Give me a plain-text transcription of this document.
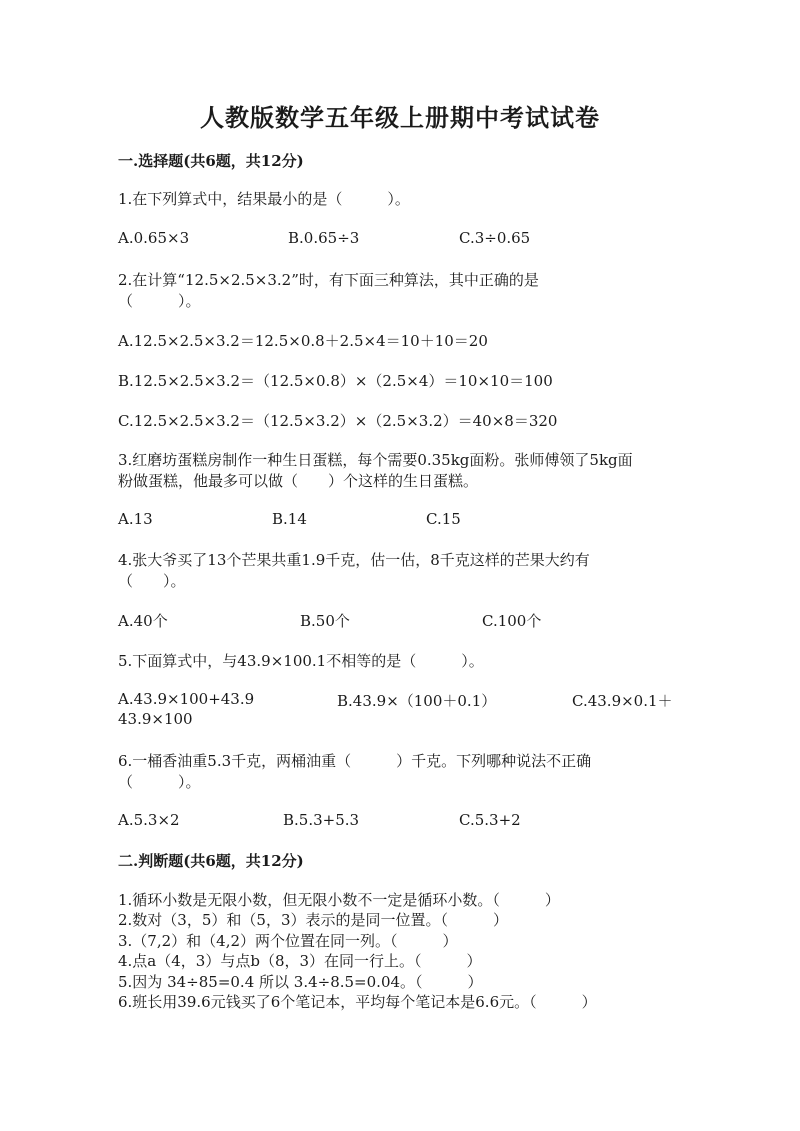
人教版数学五年级上册期中考试试卷
一.选择题(共6题，共12分)
1.在下列算式中，结果最小的是（　　　）。
A.0.65×3	B.0.65÷3	C.3÷0.65
2.在计算“12.5×2.5×3.2”时，有下面三种算法，其中正确的是
（　　　）。
A.12.5×2.5×3.2＝12.5×0.8＋2.5×4＝10＋10＝20
B.12.5×2.5×3.2＝（12.5×0.8）×（2.5×4）＝10×10＝100
C.12.5×2.5×3.2＝（12.5×3.2）×（2.5×3.2）＝40×8＝320
3.红磨坊蛋糕房制作一种生日蛋糕，每个需要0.35kg面粉。张师傅领了5kg面
粉做蛋糕，他最多可以做（　　）个这样的生日蛋糕。
A.13	B.14	C.15
4.张大爷买了13个芒果共重1.9千克，估一估，8千克这样的芒果大约有
（　　）。
A.40个	B.50个	C.100个
5.下面算式中，与43.9×100.1不相等的是（　　　）。
A.43.9×100+43.9	B.43.9×（100＋0.1）	C.43.9×0.1＋
43.9×100
6.一桶香油重5.3千克，两桶油重（　　　）千克。下列哪种说法不正确
（　　　）。
A.5.3×2	B.5.3+5.3	C.5.3+2
二.判断题(共6题，共12分)
1.循环小数是无限小数，但无限小数不一定是循环小数。（　　　）
2.数对（3，5）和（5，3）表示的是同一位置。（　　　）
3.（7,2）和（4,2）两个位置在同一列。（　　　）
4.点a（4，3）与点b（8，3）在同一行上。（　　　）
5.因为 34÷85=0.4 所以 3.4÷8.5=0.04。（　　　）
6.班长用39.6元钱买了6个笔记本，平均每个笔记本是6.6元。（　　　）
